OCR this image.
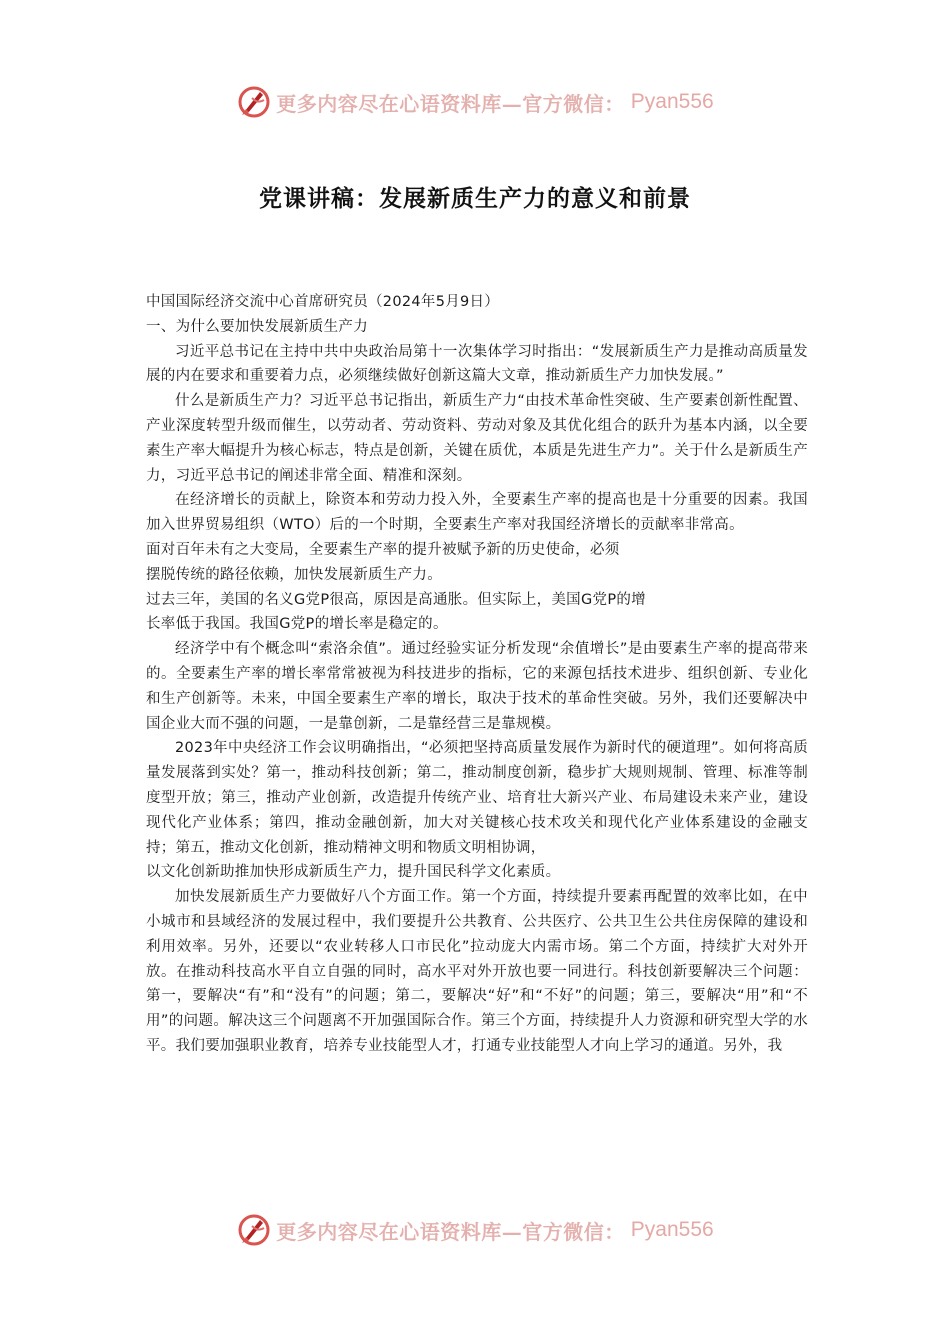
更多内容尽在心语资料库—官方微信： Pyan556
党课讲稿：发展新质生产力的意义和前景

中国国际经济交流中心首席研究员（2024年5月9日）

一、为什么要加快发展新质生产力

习近平总书记在主持中共中央政治局第十一次集体学习时指出：“发展新质生产力是推动高质量发展的内在要求和重要着力点，必须继续做好创新这篇大文章，推动新质生产力加快发展。”

什么是新质生产力？习近平总书记指出，新质生产力“由技术革命性突破、生产要素创新性配置、产业深度转型升级而催生，以劳动者、劳动资料、劳动对象及其优化组合的跃升为基本内涵，以全要素生产率大幅提升为核心标志，特点是创新，关键在质优，本质是先进生产力”。关于什么是新质生产力，习近平总书记的阐述非常全面、精准和深刻。

在经济增长的贡献上，除资本和劳动力投入外，全要素生产率的提高也是十分重要的因素。我国加入世界贸易组织（WTO）后的一个时期，全要素生产率对我国经济增长的贡献率非常高。

面对百年未有之大变局，全要素生产率的提升被赋予新的历史使命，必须

摆脱传统的路径依赖，加快发展新质生产力。

过去三年，美国的名义G党P很高，原因是高通胀。但实际上，美国G党P的增

长率低于我国。我国G党P的增长率是稳定的。

经济学中有个概念叫“索洛余值”。通过经验实证分析发现“余值增长”是由要素生产率的提高带来的。全要素生产率的增长率常常被视为科技进步的指标，它的来源包括技术进步、组织创新、专业化和生产创新等。未来，中国全要素生产率的增长，取决于技术的革命性突破。另外，我们还要解决中国企业大而不强的问题，一是靠创新，二是靠经营三是靠规模。

2023年中央经济工作会议明确指出，“必须把坚持高质量发展作为新时代的硬道理”。如何将高质量发展落到实处？第一，推动科技创新；第二，推动制度创新，稳步扩大规则规制、管理、标准等制度型开放；第三，推动产业创新，改造提升传统产业、培育壮大新兴产业、布局建设未来产业，建设现代化产业体系；第四，推动金融创新，加大对关键核心技术攻关和现代化产业体系建设的金融支持；第五，推动文化创新，推动精神文明和物质文明相协调，

以文化创新助推加快形成新质生产力，提升国民科学文化素质。

加快发展新质生产力要做好八个方面工作。第一个方面，持续提升要素再配置的效率比如，在中小城市和县域经济的发展过程中，我们要提升公共教育、公共医疗、公共卫生公共住房保障的建设和利用效率。另外，还要以“农业转移人口市民化”拉动庞大内需市场。第二个方面，持续扩大对外开放。在推动科技高水平自立自强的同时，高水平对外开放也要一同进行。科技创新要解决三个问题：第一，要解决“有”和“没有”的问题；第二，要解决“好”和“不好”的问题；第三，要解决“用”和“不用”的问题。解决这三个问题离不开加强国际合作。第三个方面，持续提升人力资源和研究型大学的水平。我们要加强职业教育，培养专业技能型人才，打通专业技能型人才向上学习的通道。另外，我

更多内容尽在心语资料库—官方微信： Pyan556
